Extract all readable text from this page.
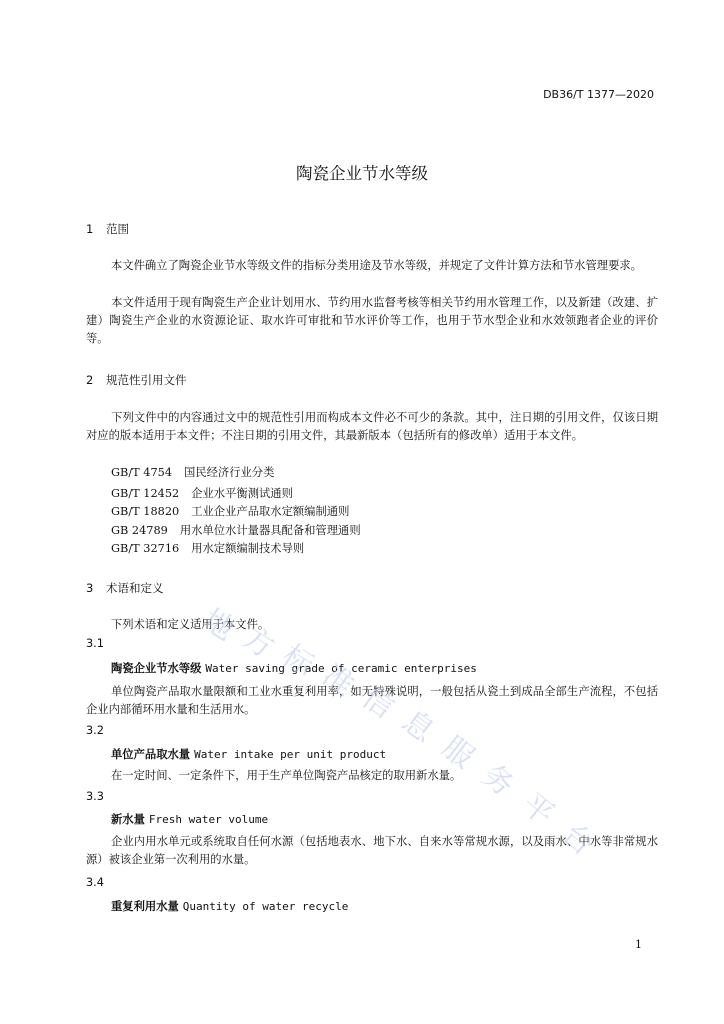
DB36/T 1377—2020
陶瓷企业节水等级
1 范围
本文件确立了陶瓷企业节水等级文件的指标分类用途及节水等级，并规定了文件计算方法和节水管理要求。
本文件适用于现有陶瓷生产企业计划用水、节约用水监督考核等相关节约用水管理工作，以及新建（改建、扩建）陶瓷生产企业的水资源论证、取水许可审批和节水评价等工作，也用于节水型企业和水效领跑者企业的评价等。
2 规范性引用文件
下列文件中的内容通过文中的规范性引用而构成本文件必不可少的条款。其中，注日期的引用文件，仅该日期对应的版本适用于本文件；不注日期的引用文件，其最新版本（包括所有的修改单）适用于本文件。
GB/T 4754 国民经济行业分类
GB/T 12452 企业水平衡测试通则
GB/T 18820 工业企业产品取水定额编制通则
GB 24789 用水单位水计量器具配备和管理通则
GB/T 32716 用水定额编制技术导则
3 术语和定义
下列术语和定义适用于本文件。
3.1
陶瓷企业节水等级 Water saving grade of ceramic enterprises
单位陶瓷产品取水量限额和工业水重复利用率，如无特殊说明，一般包括从瓷土到成品全部生产流程，不包括企业内部循环用水量和生活用水。
3.2
单位产品取水量 Water intake per unit product
在一定时间、一定条件下，用于生产单位陶瓷产品核定的取用新水量。
3.3
新水量 Fresh water volume
企业内用水单元或系统取自任何水源（包括地表水、地下水、自来水等常规水源，以及雨水、中水等非常规水源）被该企业第一次利用的水量。
3.4
重复利用水量 Quantity of water recycle
1
地
方
标
准
信
息
服
务
平
台
